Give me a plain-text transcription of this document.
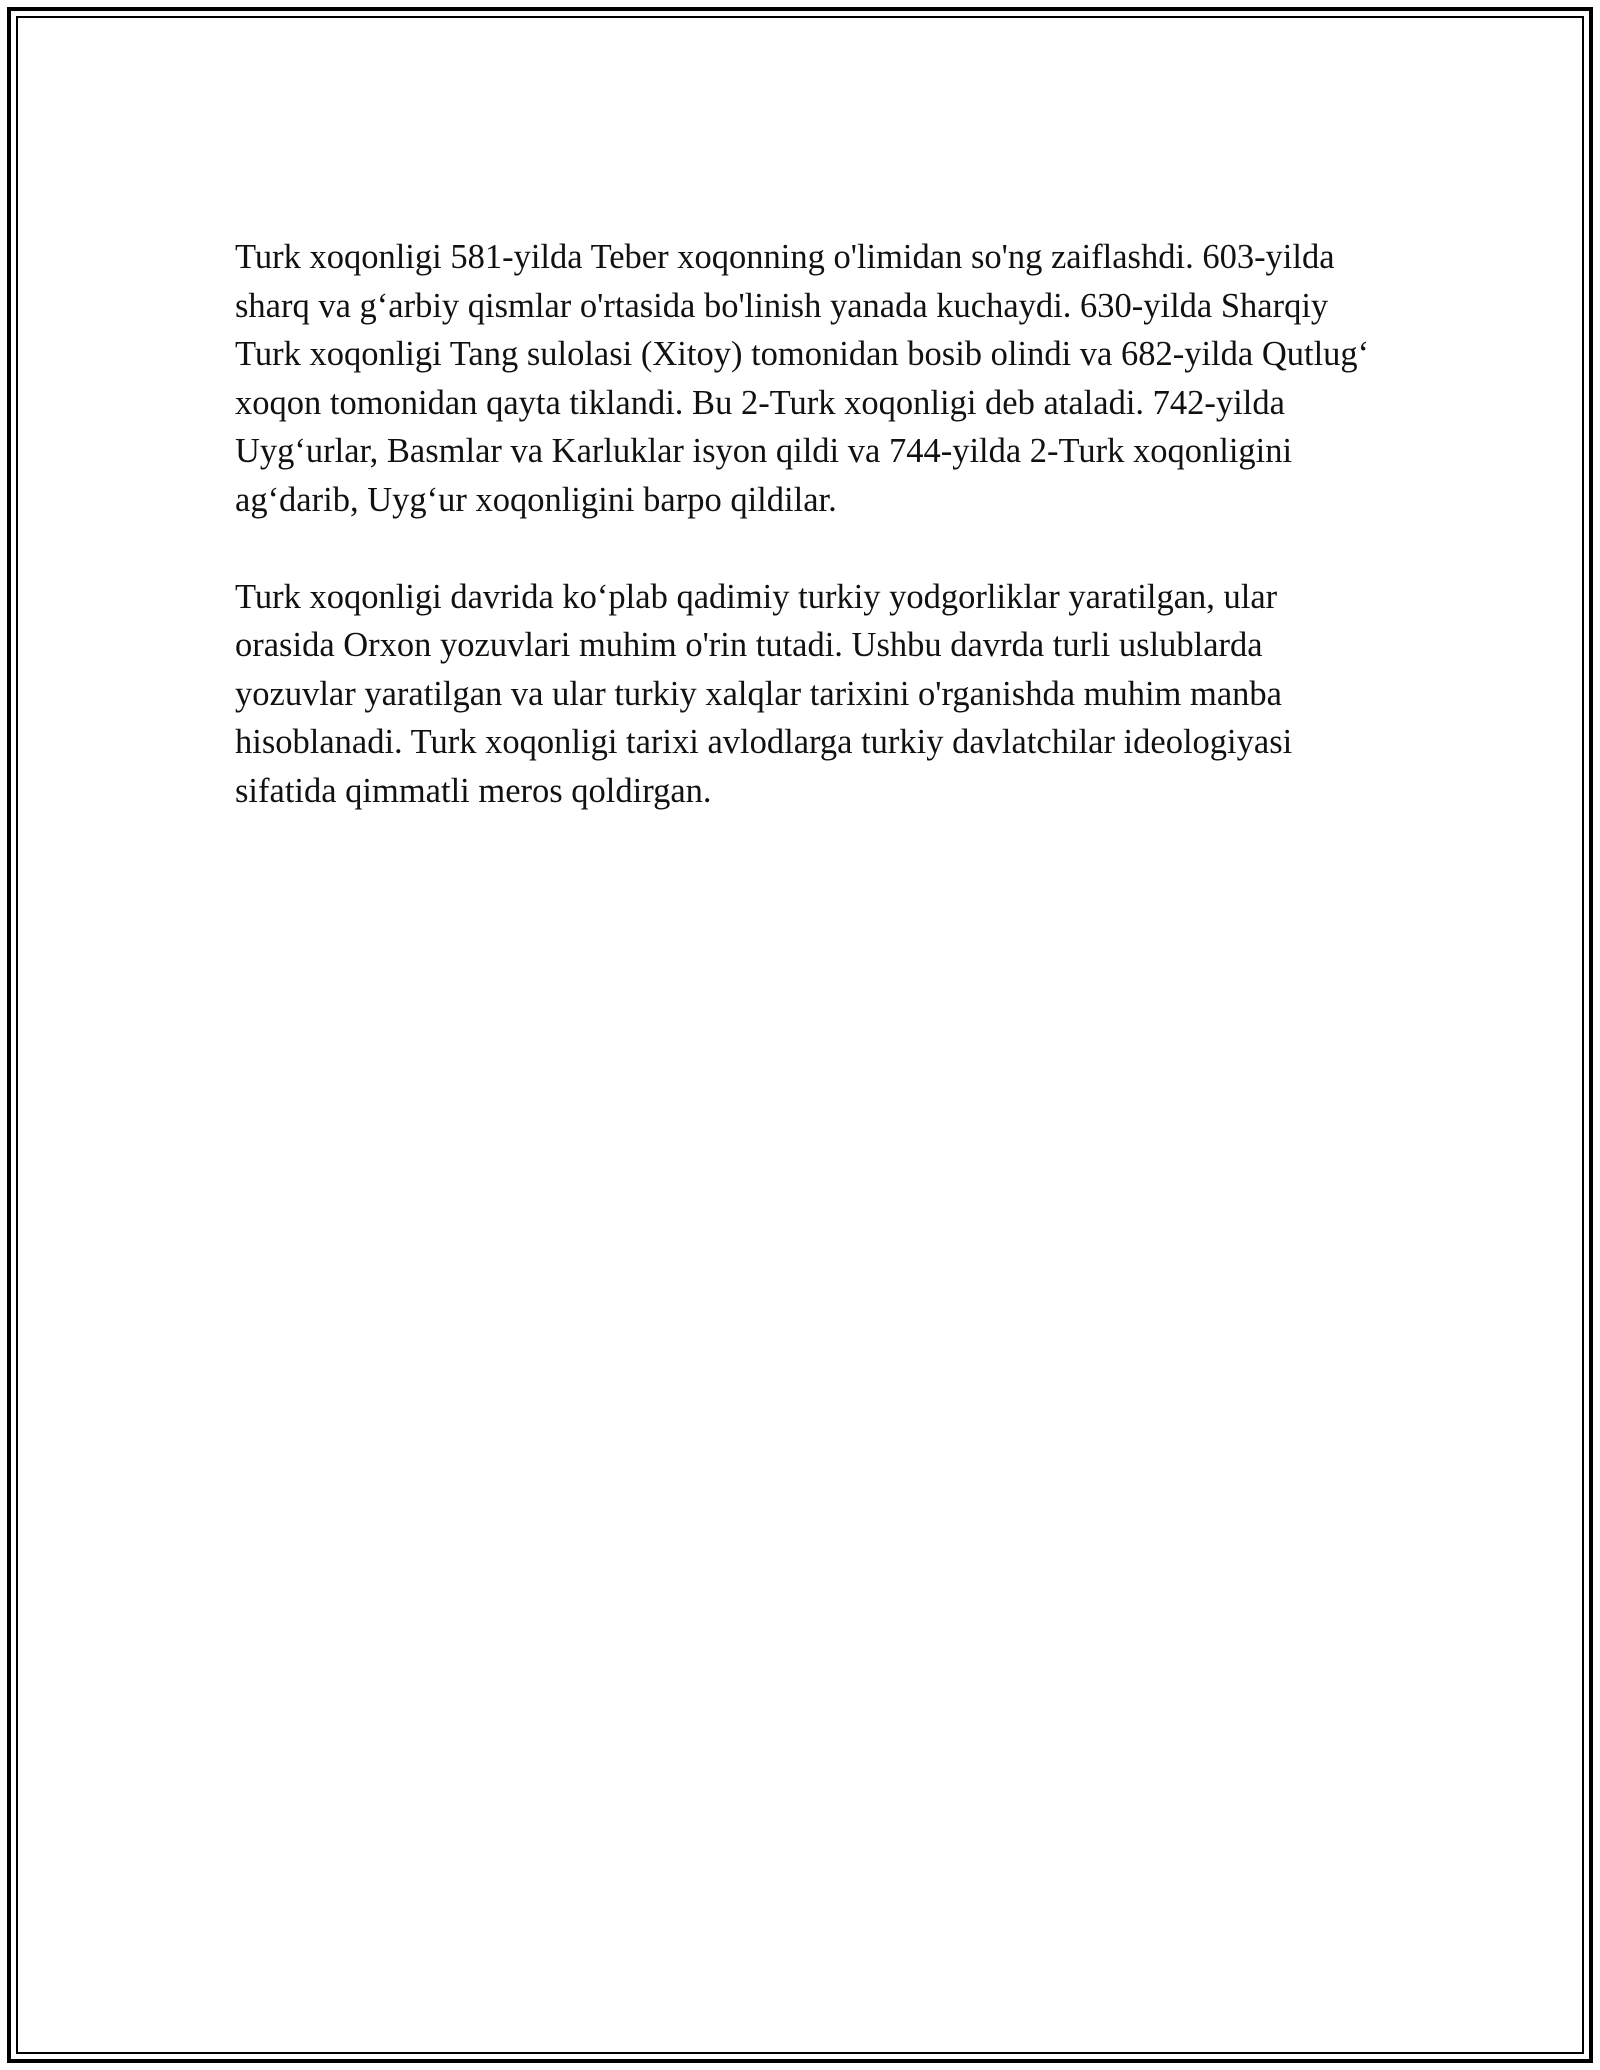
Turk xoqonligi 581-yilda Teber xoqonning o'limidan so'ng zaiflashdi. 603-yilda sharq va g‘arbiy qismlar o'rtasida bo'linish yanada kuchaydi. 630-yilda Sharqiy Turk xoqonligi Tang sulolasi (Xitoy) tomonidan bosib olindi va 682-yilda Qutlug‘ xoqon tomonidan qayta tiklandi. Bu 2-Turk xoqonligi deb ataladi. 742-yilda Uyg‘urlar, Basmlar va Karluklar isyon qildi va 744-yilda 2-Turk xoqonligini ag‘darib, Uyg‘ur xoqonligini barpo qildilar.

Turk xoqonligi davrida ko‘plab qadimiy turkiy yodgorliklar yaratilgan, ular orasida Orxon yozuvlari muhim o'rin tutadi. Ushbu davrda turli uslublarda yozuvlar yaratilgan va ular turkiy xalqlar tarixini o'rganishda muhim manba hisoblanadi. Turk xoqonligi tarixi avlodlarga turkiy davlatchilar ideologiyasi sifatida qimmatli meros qoldirgan.
